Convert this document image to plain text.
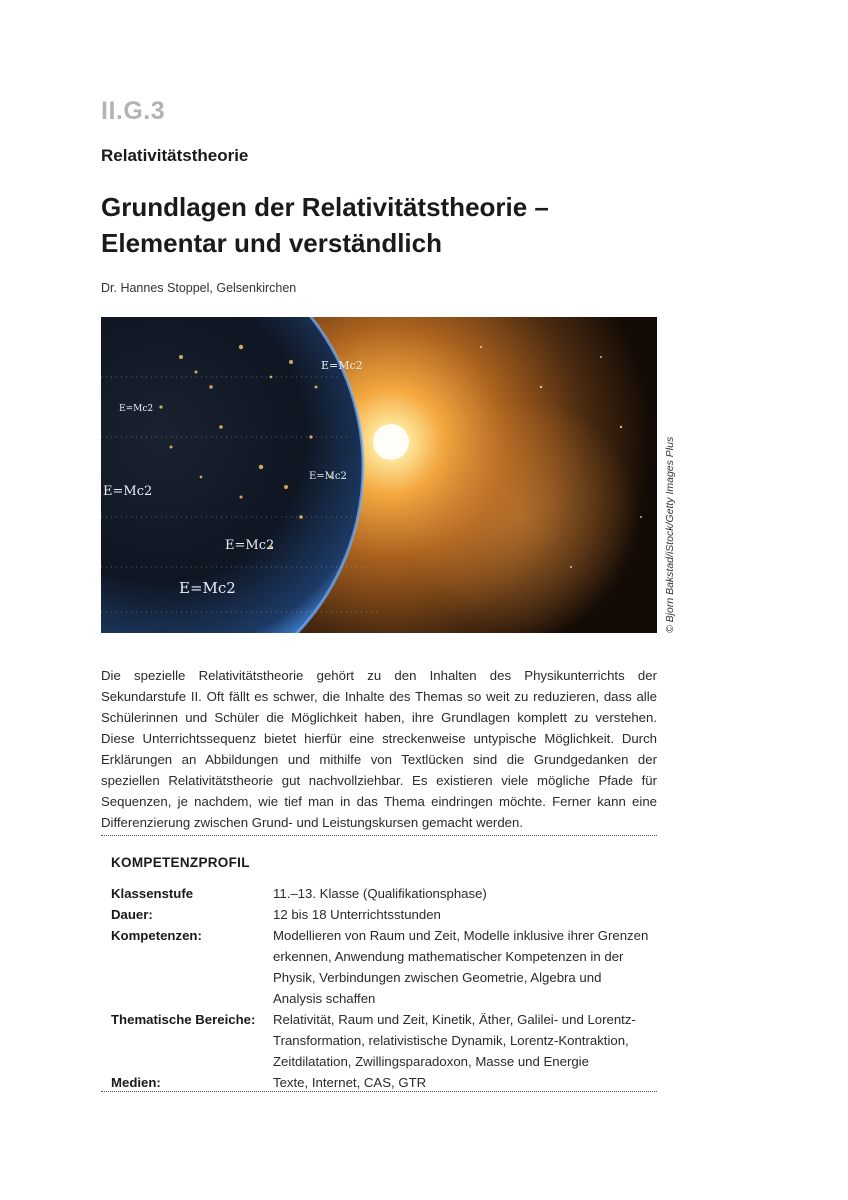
II.G.3
Relativitätstheorie
Grundlagen der Relativitätstheorie – Elementar und verständlich
Dr. Hannes Stoppel, Gelsenkirchen
E=Mc2
E=Mc2
E=Mc2
E=Mc2
E=Mc2
E=Mc2	© Bjorn Bakstad/iStock/Getty Images Plus

Die spezielle Relativitätstheorie gehört zu den Inhalten des Physikunterrichts der Sekundarstufe II. Oft fällt es schwer, die Inhalte des Themas so weit zu reduzieren, dass alle Schülerinnen und Schüler die Möglichkeit haben, ihre Grundlagen komplett zu verstehen. Diese Unterrichtssequenz bietet hierfür eine streckenweise untypische Möglichkeit. Durch Erklärungen an Abbildungen und mithilfe von Textlücken sind die Grundgedanken der speziellen Relativitätstheorie gut nachvollziehbar. Es existieren viele mögliche Pfade für Sequenzen, je nachdem, wie tief man in das Thema eindringen möchte. Ferner kann eine Differenzierung zwischen Grund- und Leistungskursen gemacht werden.

KOMPETENZPROFIL
Klassenstufe	11.–13. Klasse (Qualifikationsphase)
Dauer:	12 bis 18 Unterrichtsstunden
Kompetenzen:	Modellieren von Raum und Zeit, Modelle inklusive ihrer Grenzen erkennen, Anwendung mathematischer Kompetenzen in der Physik, Verbindungen zwischen Geometrie, Algebra und Analysis schaffen
Thematische Bereiche:	Relativität, Raum und Zeit, Kinetik, Äther, Galilei- und Lorentz-Transformation, relativistische Dynamik, Lorentz-Kontraktion, Zeitdilatation, Zwillingsparadoxon, Masse und Energie
Medien:	Texte, Internet, CAS, GTR
